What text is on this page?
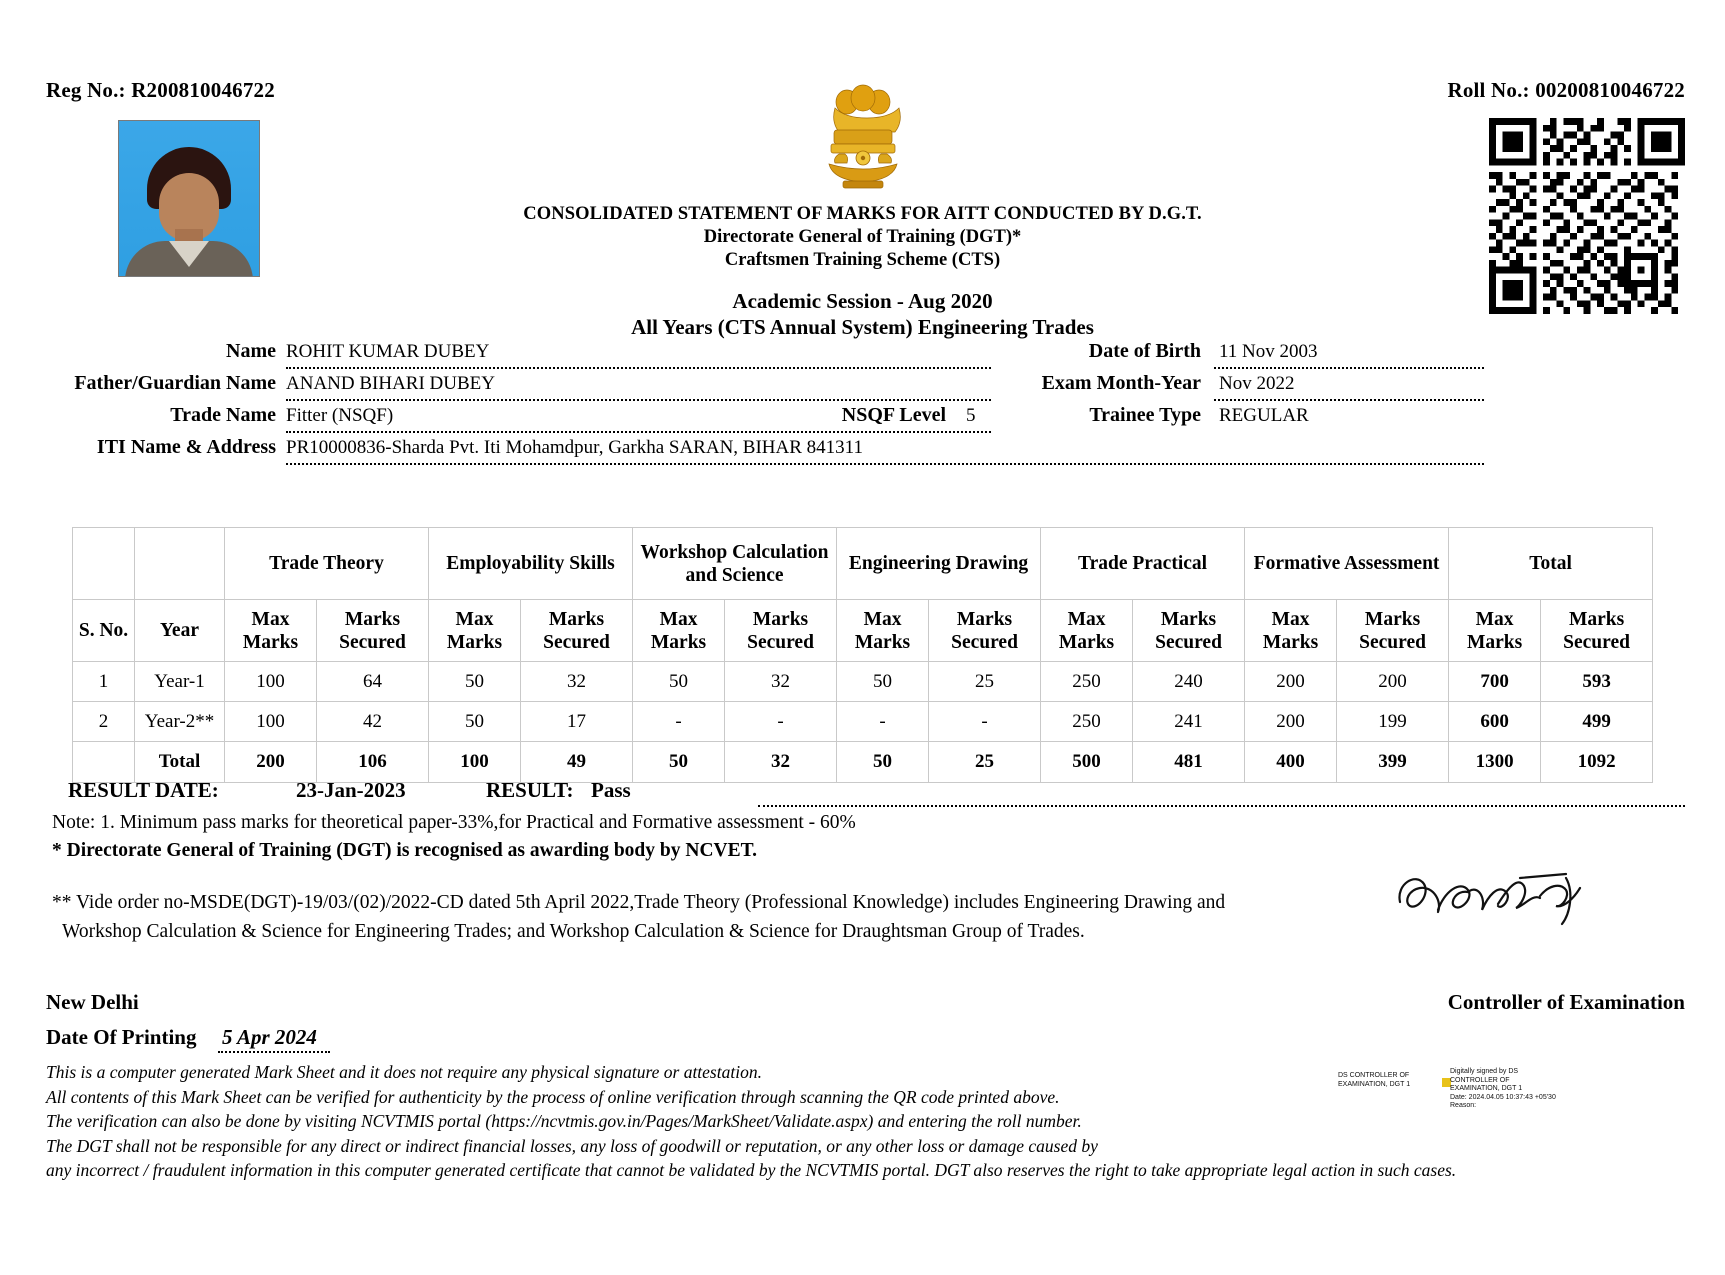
Reg No.: R200810046722	Roll No.: 00200810046722
CONSOLIDATED STATEMENT OF MARKS FOR AITT CONDUCTED BY D.G.T.
Directorate General of Training (DGT)*
Craftsmen Training Scheme (CTS)
Academic Session - Aug 2020
All Years (CTS Annual System) Engineering Trades
Name ROHIT KUMAR DUBEY	Date of Birth 11 Nov 2003
Father/Guardian Name ANAND BIHARI DUBEY	Exam Month-Year Nov 2022
Trade Name Fitter (NSQF)	NSQF Level 5	Trainee Type REGULAR
ITI Name & Address PR10000836-Sharda Pvt. Iti Mohamdpur, Garkha SARAN, BIHAR 841311
		Trade Theory		Employability Skills		Workshop Calculation and Science		Engineering Drawing		Trade Practical		Formative Assessment		Total	
S. No.	Year	Max Marks	Marks Secured	Max Marks	Marks Secured	Max Marks	Marks Secured	Max Marks	Marks Secured	Max Marks	Marks Secured	Max Marks	Marks Secured	Max Marks	Marks Secured
1	Year-1	100	64	50	32	50	32	50	25	250	240	200	200	700	593
2	Year-2**	100	42	50	17	-	-	-	-	250	241	200	199	600	499
	Total	200	106	100	49	50	32	50	25	500	481	400	399	1300	1092
RESULT DATE:	23-Jan-2023	RESULT: Pass
Note: 1. Minimum pass marks for theoretical paper-33%,for Practical and Formative assessment - 60%
* Directorate General of Training (DGT) is recognised as awarding body by NCVET.
** Vide order no-MSDE(DGT)-19/03/(02)/2022-CD dated 5th April 2022,Trade Theory (Professional Knowledge) includes Engineering Drawing and
Workshop Calculation & Science for Engineering Trades; and Workshop Calculation & Science for Draughtsman Group of Trades.
New Delhi	Controller of Examination
Date Of Printing 5 Apr 2024
This is a computer generated Mark Sheet and it does not require any physical signature or attestation.
All contents of this Mark Sheet can be verified for authenticity by the process of online verification through scanning the QR code printed above.
The verification can also be done by visiting NCVTMIS portal (https://ncvtmis.gov.in/Pages/MarkSheet/Validate.aspx) and entering the roll number.
The DGT shall not be responsible for any direct or indirect financial losses, any loss of goodwill or reputation, or any other loss or damage caused by
any incorrect / fraudulent information in this computer generated certificate that cannot be validated by the NCVTMIS portal. DGT also reserves the right to take appropriate legal action in such cases.
DS CONTROLLER OF
EXAMINATION, DGT 1
Digitally signed by DS
CONTROLLER OF
EXAMINATION, DGT 1
Date: 2024.04.05 10:37:43 +05'30
Reason:
